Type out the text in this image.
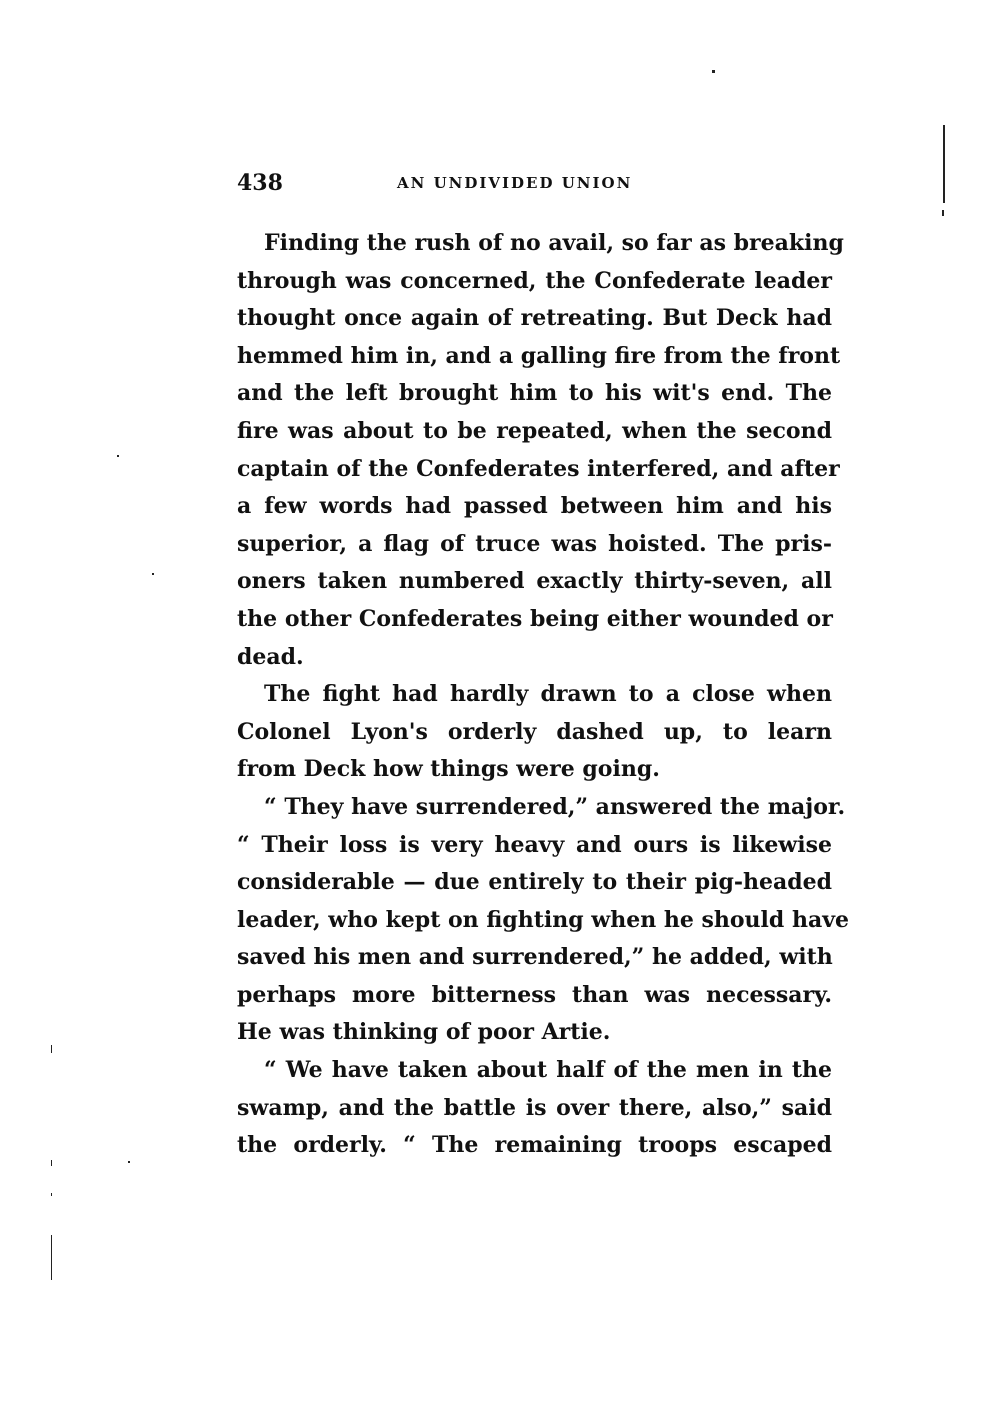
438	AN UNDIVIDED UNION
Finding the rush of no avail, so far as breaking
through was concerned, the Confederate leader
thought once again of retreating. But Deck had
hemmed him in, and a galling fire from the front
and the left brought him to his wit's end. The
fire was about to be repeated, when the second
captain of the Confederates interfered, and after
a few words had passed between him and his
superior, a flag of truce was hoisted. The pris-
oners taken numbered exactly thirty-seven, all
the other Confederates being either wounded or
dead.
The fight had hardly drawn to a close when
Colonel Lyon's orderly dashed up, to learn
from Deck how things were going.
“ They have surrendered,” answered the major.
“ Their loss is very heavy and ours is likewise
considerable — due entirely to their pig-headed
leader, who kept on fighting when he should have
saved his men and surrendered,” he added, with
perhaps more bitterness than was necessary.
He was thinking of poor Artie.
“ We have taken about half of the men in the
swamp, and the battle is over there, also,” said
the orderly. “ The remaining troops escaped
